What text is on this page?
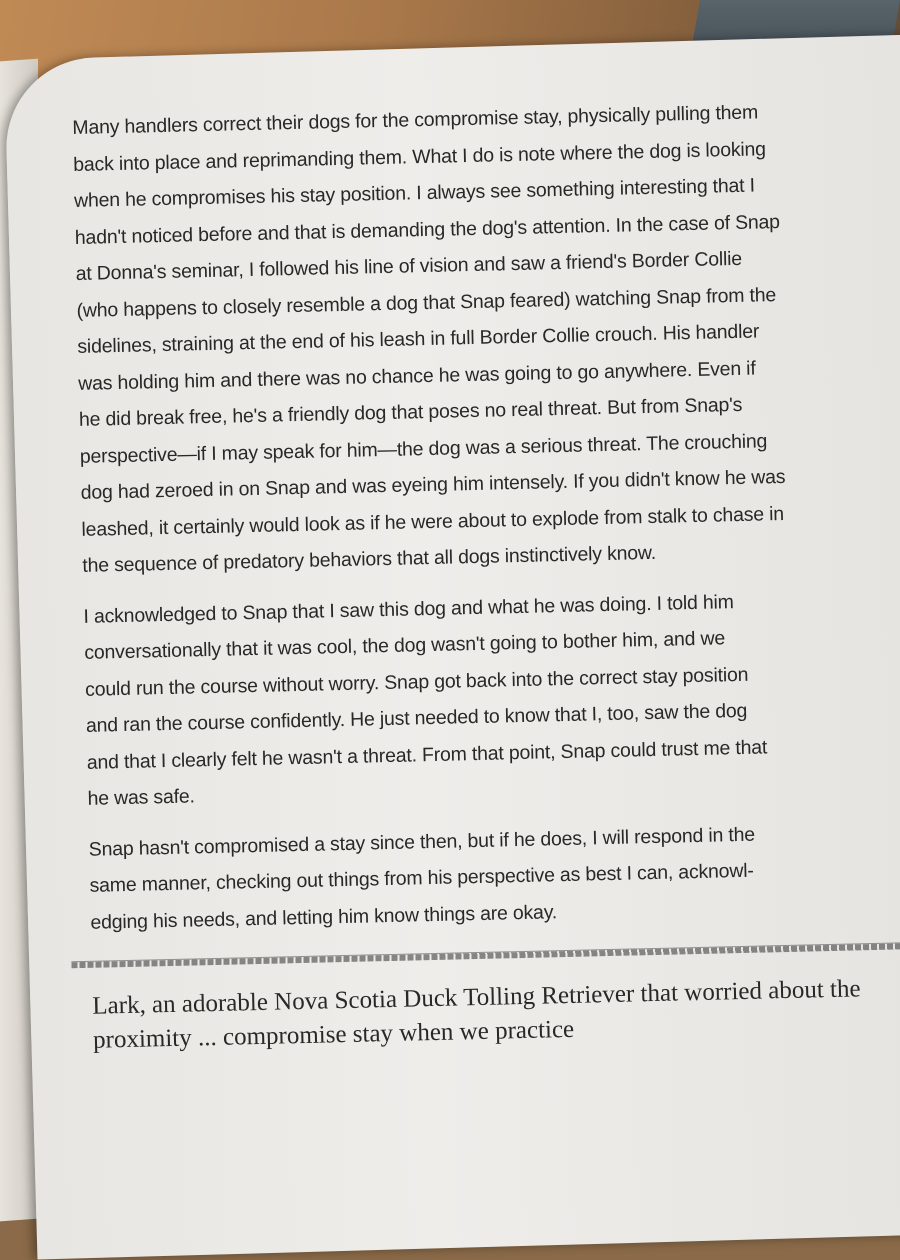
Many handlers correct their dogs for the compromise stay, physically pulling them

back into place and reprimanding them. What I do is note where the dog is looking

when he compromises his stay position. I always see something interesting that I

hadn't noticed before and that is demanding the dog's attention. In the case of Snap

at Donna's seminar, I followed his line of vision and saw a friend's Border Collie

(who happens to closely resemble a dog that Snap feared) watching Snap from the

sidelines, straining at the end of his leash in full Border Collie crouch. His handler

was holding him and there was no chance he was going to go anywhere. Even if

he did break free, he's a friendly dog that poses no real threat. But from Snap's

perspective—if I may speak for him—the dog was a serious threat. The crouching

dog had zeroed in on Snap and was eyeing him intensely. If you didn't know he was

leashed, it certainly would look as if he were about to explode from stalk to chase in

the sequence of predatory behaviors that all dogs instinctively know.

I acknowledged to Snap that I saw this dog and what he was doing. I told him

conversationally that it was cool, the dog wasn't going to bother him, and we

could run the course without worry. Snap got back into the correct stay position

and ran the course confidently. He just needed to know that I, too, saw the dog

and that I clearly felt he wasn't a threat. From that point, Snap could trust me that

he was safe.

Snap hasn't compromised a stay since then, but if he does, I will respond in the

same manner, checking out things from his perspective as best I can, acknowl-

edging his needs, and letting him know things are okay.

Lark, an adorable Nova Scotia Duck Tolling Retriever that worried about the

proximity ... compromise stay when we practice
